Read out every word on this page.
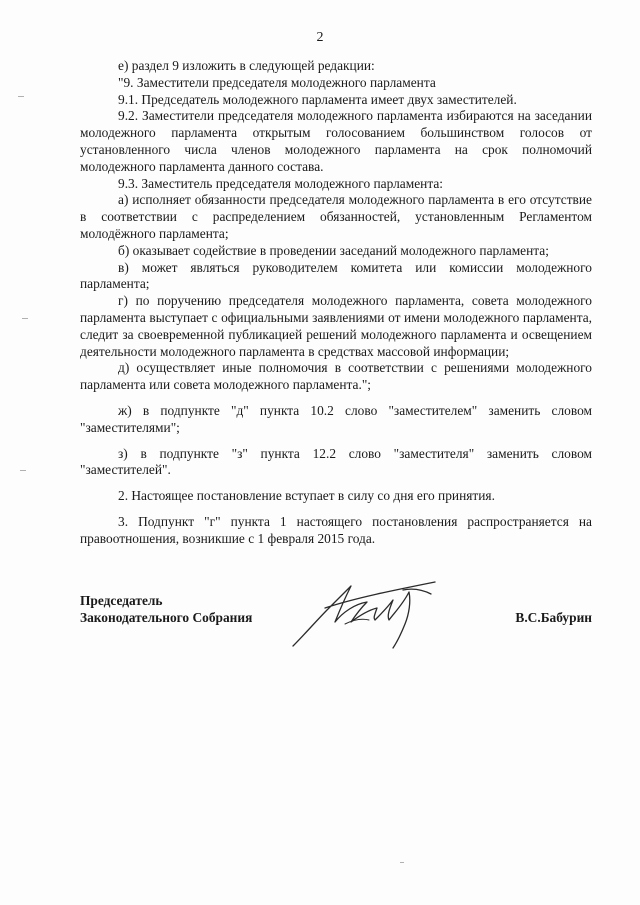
2

е) раздел 9 изложить в следующей редакции:

"9. Заместители председателя молодежного парламента

9.1. Председатель молодежного парламента имеет двух заместителей.

9.2. Заместители председателя молодежного парламента избираются на заседании молодежного парламента открытым голосованием большинством голосов от установленного числа членов молодежного парламента на срок полномочий молодежного парламента данного состава.

9.3. Заместитель председателя молодежного парламента:

а) исполняет обязанности председателя молодежного парламента в его отсутствие в соответствии с распределением обязанностей, установленным Регламентом молодёжного парламента;

б) оказывает содействие в проведении заседаний молодежного парламента;

в) может являться руководителем комитета или комиссии молодежного парламента;

г) по поручению председателя молодежного парламента, совета молодежного парламента выступает с официальными заявлениями от имени молодежного парламента, следит за своевременной публикацией решений молодежного парламента и освещением деятельности молодежного парламента в средствах массовой информации;

д) осуществляет иные полномочия в соответствии с решениями молодежного парламента или совета молодежного парламента.";

ж) в подпункте "д" пункта 10.2 слово "заместителем" заменить словом "заместителями";

з) в подпункте "з" пункта 12.2 слово "заместителя" заменить словом "заместителей".

2. Настоящее постановление вступает в силу со дня его принятия.

3. Подпункт "г" пункта 1 настоящего постановления распространяется на правоотношения, возникшие с 1 февраля 2015 года.

Председатель
Законодательного Собрания	В.С.Бабурин
